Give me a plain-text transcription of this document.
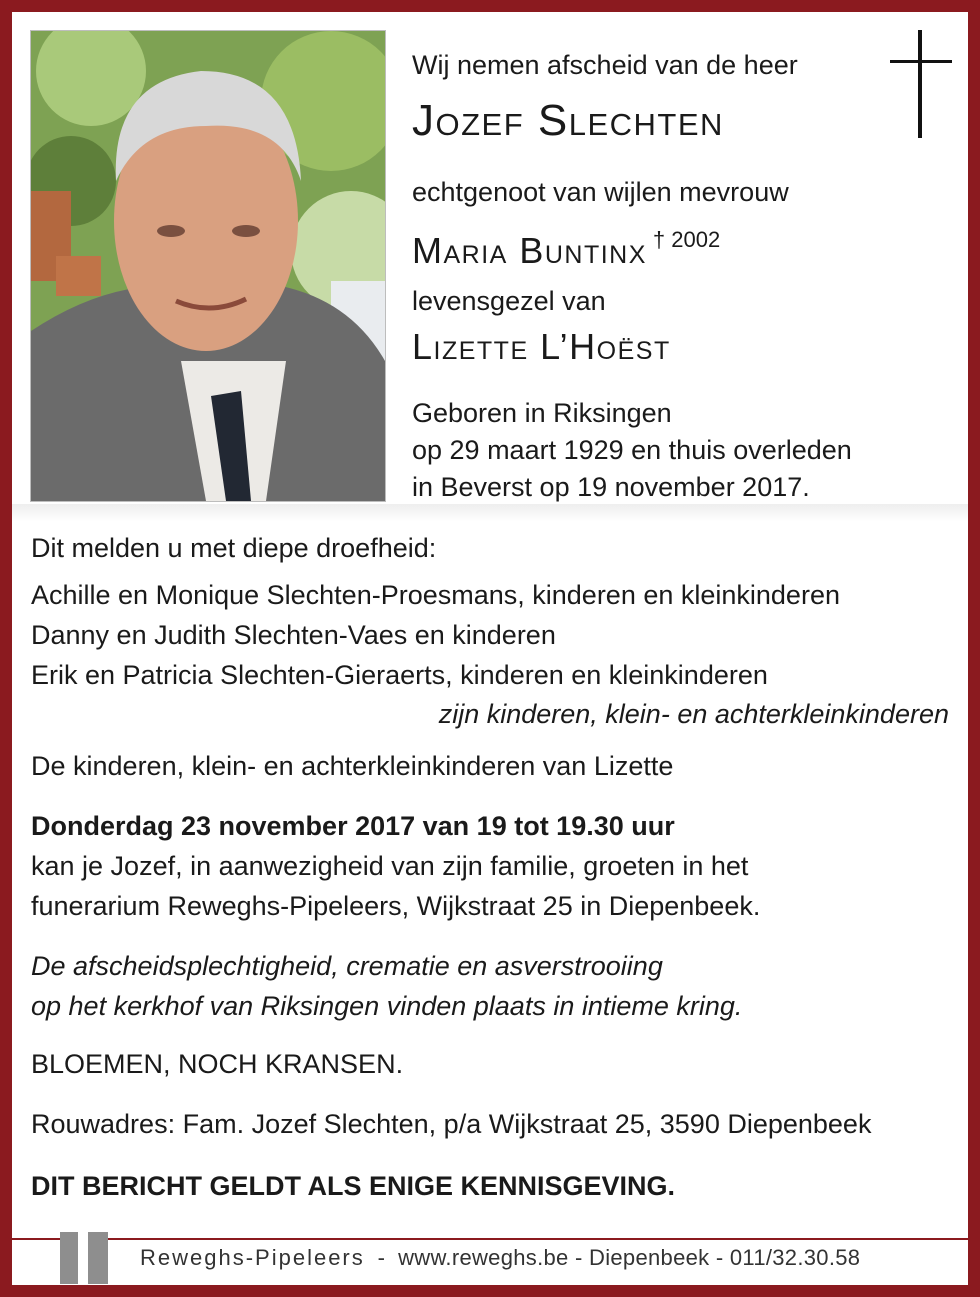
Wij nemen afscheid van de heer
Jozef Slechten
echtgenoot van wijlen mevrouw
Maria Buntinx $^{\dagger 2002}$
levensgezel van
Lizette L’Hoëst
Geboren in Riksingen
op 29 maart 1929 en thuis overleden
in Beverst op 19 november 2017.
Dit melden u met diepe droefheid:
Achille en Monique Slechten-Proesmans, kinderen en kleinkinderen
Danny en Judith Slechten-Vaes en kinderen
Erik en Patricia Slechten-Gieraerts, kinderen en kleinkinderen
zijn kinderen, klein- en achterkleinkinderen
De kinderen, klein- en achterkleinkinderen van Lizette
Donderdag 23 november 2017 van 19 tot 19.30 uur
kan je Jozef, in aanwezigheid van zijn familie, groeten in het
funerarium Reweghs-Pipeleers, Wijkstraat 25 in Diepenbeek.
De afscheidsplechtigheid, crematie en asverstrooiing
op het kerkhof van Riksingen vinden plaats in intieme kring.
BLOEMEN, NOCH KRANSEN.
Rouwadres: Fam. Jozef Slechten, p/a Wijkstraat 25, 3590 Diepenbeek
DIT BERICHT GELDT ALS ENIGE KENNISGEVING.
Reweghs-Pipeleers - www.reweghs.be - Diepenbeek - 011/32.30.58
